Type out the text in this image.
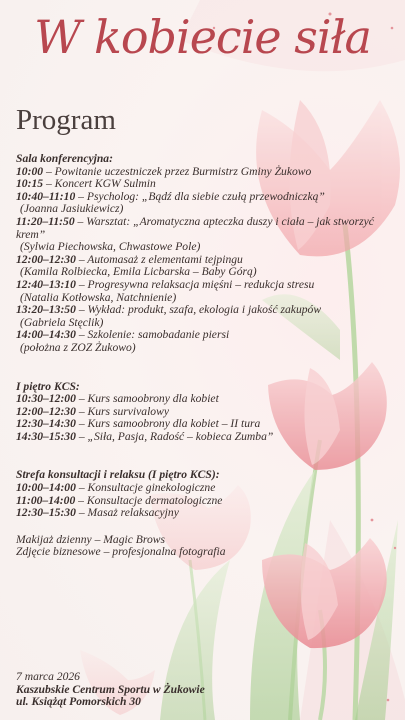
W kobiecie siła
Program
Sala konferencyjna:
10:00 – Powitanie uczestniczek przez Burmistrz Gminy Żukowo
10:15 – Koncert KGW Sulmin
10:40–11:10 – Psycholog: „Bądź dla siebie czułą przewodniczką”
(Joanna Jasiukiewicz)
11:20–11:50 – Warsztat: „Aromatyczna apteczka duszy i ciała – jak stworzyć krem”
(Sylwia Piechowska, Chwastowe Pole)
12:00–12:30 – Automasaż z elementami tejpingu
(Kamila Rolbiecka, Emila Licbarska – Baby Górą)
12:40–13:10 – Progresywna relaksacja mięśni – redukcja stresu
(Natalia Kotłowska, Natchnienie)
13:20–13:50 – Wykład: produkt, szafa, ekologia i jakość zakupów
(Gabriela Stęclik)
14:00–14:30 – Szkolenie: samobadanie piersi
(położna z ZOZ Żukowo)
I piętro KCS:
10:30–12:00 – Kurs samoobrony dla kobiet
12:00–12:30 – Kurs survivalowy
12:30–14:30 – Kurs samoobrony dla kobiet – II tura
14:30–15:30 – „Siła, Pasja, Radość – kobieca Zumba”
Strefa konsultacji i relaksu (I piętro KCS):
10:00–14:00 – Konsultacje ginekologiczne
11:00–14:00 – Konsultacje dermatologiczne
12:30–15:30 – Masaż relaksacyjny
Makijaż dzienny – Magic Brows
Zdjęcie biznesowe – profesjonalna fotografia
7 marca 2026
Kaszubskie Centrum Sportu w Żukowie
ul. Książąt Pomorskich 30
